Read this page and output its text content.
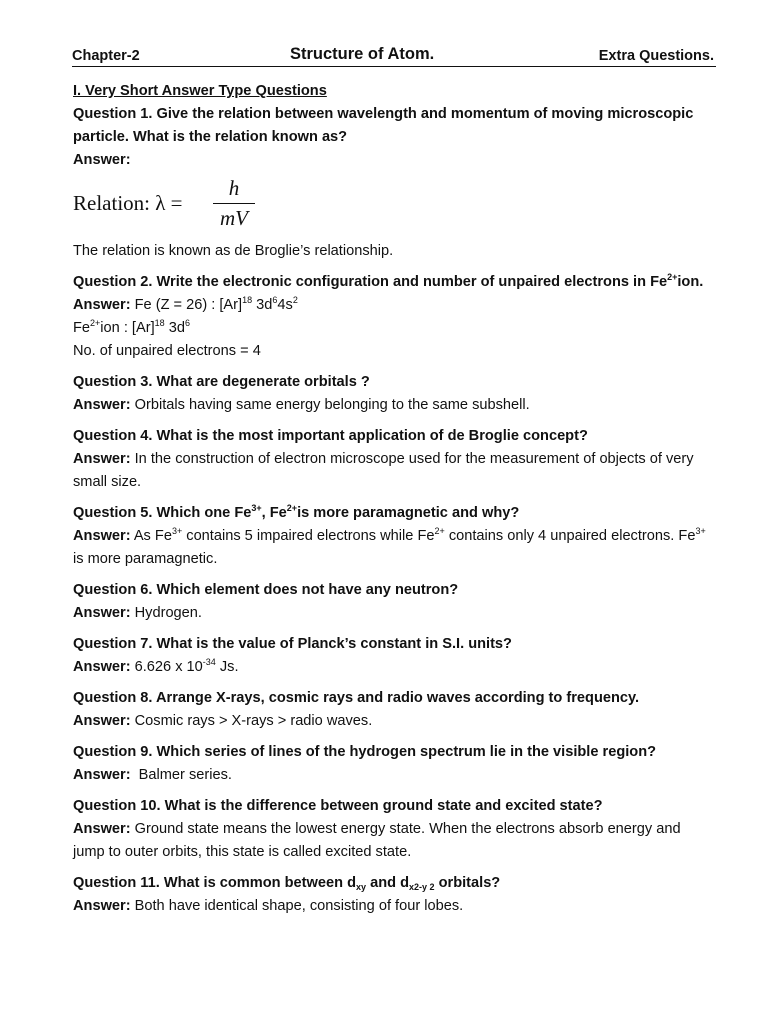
Chapter-2	Structure of Atom.	Extra Questions.
I. Very Short Answer Type Questions
Question 1. Give the relation between wavelength and momentum of moving microscopic particle. What is the relation known as?
Answer:
Relation: $\lambda = \frac{h}{mV}$
The relation is known as de Broglie’s relationship.
Question 2. Write the electronic configuration and number of unpaired electrons in $Fe^{2+}ion$.
Answer: Fe (Z = 26) : $[Ar]^{18}$ $3d^64s^2$
$Fe^{2+}ion$ : $[Ar]^{18}$ $3d^6$
No. of unpaired electrons = 4
Question 3. What are degenerate orbitals ?
Answer: Orbitals having same energy belonging to the same subshell.
Question 4. What is the most important application of de Broglie concept?
Answer: In the construction of electron microscope used for the measurement of objects of very small size.
Question 5. Which one $Fe^{3+}$, $Fe^{2+}is$ more paramagnetic and why?
Answer: As $Fe^{3+}$ contains 5 impaired electrons while $Fe^{2+}$ contains only 4 unpaired electrons. $Fe^{3+}$ is more paramagnetic.
Question 6. Which element does not have any neutron?
Answer: Hydrogen.
Question 7. What is the value of Planck’s constant in S.I. units?
Answer: 6.626 x $10^{-34}$ Js.
Question 8. Arrange X-rays, cosmic rays and radio waves according to frequency.
Answer: Cosmic rays > X-rays > radio waves.
Question 9. Which series of lines of the hydrogen spectrum lie in the visible region?
Answer:  Balmer series.
Question 10. What is the difference between ground state and excited state?
Answer: Ground state means the lowest energy state. When the electrons absorb energy and jump to outer orbits, this state is called excited state.
Question 11. What is common between $d_{xy}$ and $d_{x2-y 2}$ orbitals?
Answer: Both have identical shape, consisting of four lobes.
